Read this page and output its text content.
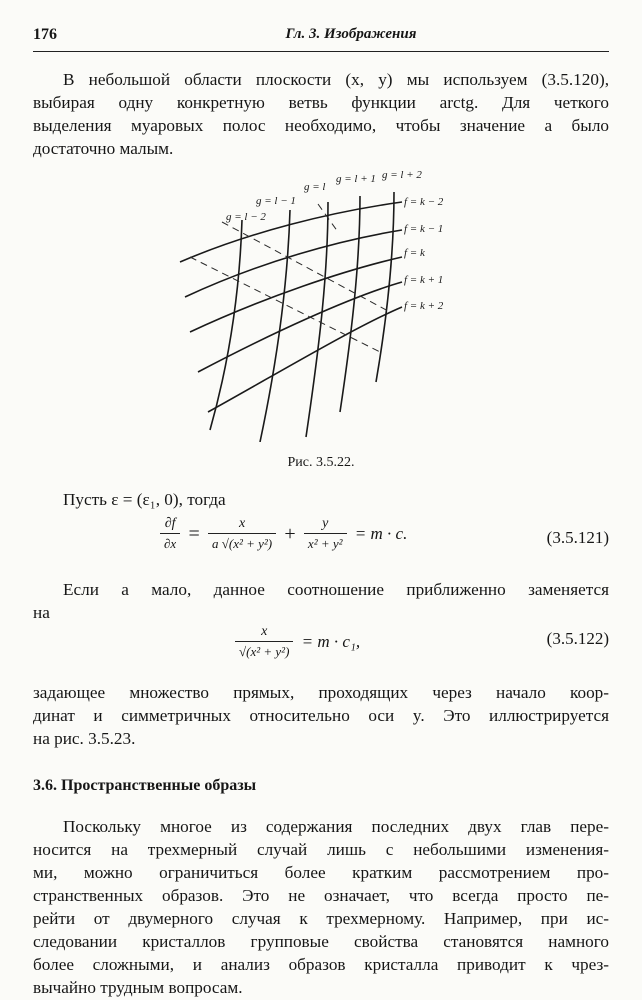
176	Гл. 3. Изображения
В небольшой области плоскости (x, y) мы используем (3.5.120),
выбирая одну конкретную ветвь функции arctg. Для четкого
выделения муаровых полос необходимо, чтобы значение a было
достаточно малым.
g = l − 2
g = l − 1
g = l
g = l + 1 g = l + 2
f = k − 2
f = k − 1
f = k
f = k + 1
f = k + 2
Рис. 3.5.22.
Пусть ε = (ε₁, 0), тогда
$\frac{\partial f}{\partial x} = \frac{x}{\text{a √(x² + y²)}} + \frac{y}{\text{x² + y²}} = m \cdot c$.	(3.5.121)
Если a мало, данное соотношение приближенно заменяется
на
$\frac{x}{\text{√(x² + y²)}} = m \cdot c_1$,	(3.5.122)
задающее множество прямых, проходящих через начало коор-
динат и симметричных относительно оси y. Это иллюстрируется
на рис. 3.5.23.
3.6. Пространственные образы
Поскольку многое из содержания последних двух глав пере-
носится на трехмерный случай лишь с небольшими изменения-
ми, можно ограничиться более кратким рассмотрением про-
странственных образов. Это не означает, что всегда просто пе-
рейти от двумерного случая к трехмерному. Например, при ис-
следовании кристаллов групповые свойства становятся намного
более сложными, и анализ образов кристалла приводит к чрез-
вычайно трудным вопросам.
